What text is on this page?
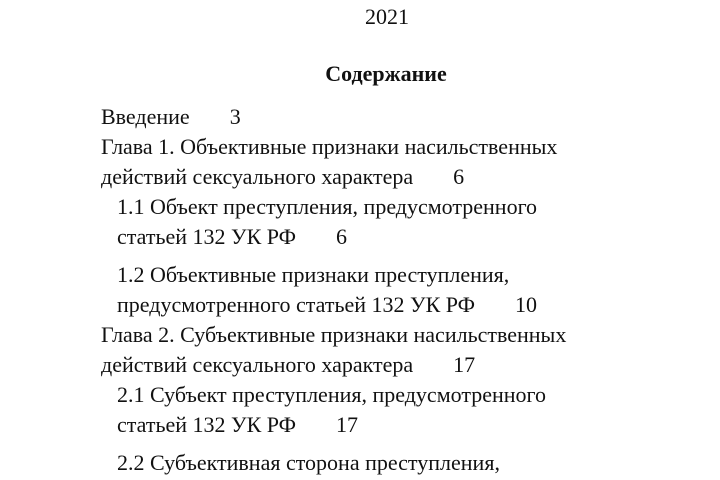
2021
Содержание
Введение 3
Глава 1. Объективные признаки насильственных
действий сексуального характера 6
1.1 Объект преступления, предусмотренного
статьей 132 УК РФ 6
1.2 Объективные признаки преступления,
предусмотренного статьей 132 УК РФ 10
Глава 2. Субъективные признаки насильственных
действий сексуального характера 17
2.1 Субъект преступления, предусмотренного
статьей 132 УК РФ 17
2.2 Субъективная сторона преступления,
